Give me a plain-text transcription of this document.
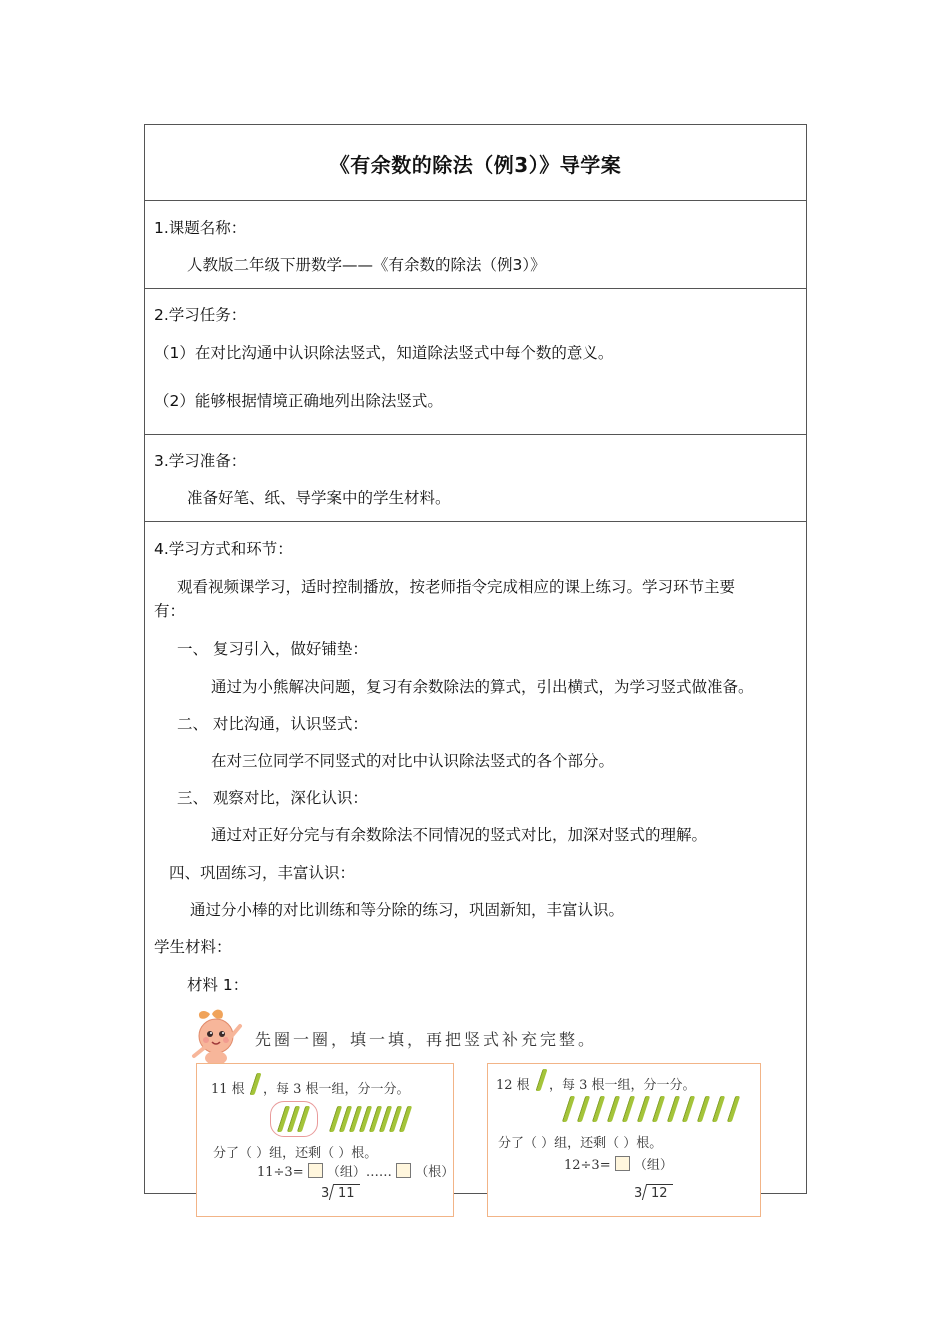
《有余数的除法（例3）》导学案
1.课题名称：
人教版二年级下册数学——《有余数的除法（例3）》
2.学习任务：
（1）在对比沟通中认识除法竖式，知道除法竖式中每个数的意义。
（2）能够根据情境正确地列出除法竖式。
3.学习准备：
准备好笔、纸、导学案中的学生材料。
4.学习方式和环节：
观看视频课学习，适时控制播放，按老师指令完成相应的课上练习。学习环节主要
有：
一、 复习引入，做好铺垫：
通过为小熊解决问题，复习有余数除法的算式，引出横式，为学习竖式做准备。
二、 对比沟通，认识竖式：
在对三位同学不同竖式的对比中认识除法竖式的各个部分。
三、 观察对比，深化认识：
通过对正好分完与有余数除法不同情况的竖式对比，加深对竖式的理解。
四、巩固练习，丰富认识：
通过分小棒的对比训练和等分除的练习，巩固新知，丰富认识。
学生材料：
材料 1：
先圈一圈，填一填，再把竖式补充完整。
11 根 ，每 3 根一组，分一分。
分了（ ）组，还剩（ ）根。
11÷3= （组）…… （根）
3 11
12 根 ，每 3 根一组，分一分。
分了（ ）组，还剩（ ）根。
12÷3= （组）
3 12
